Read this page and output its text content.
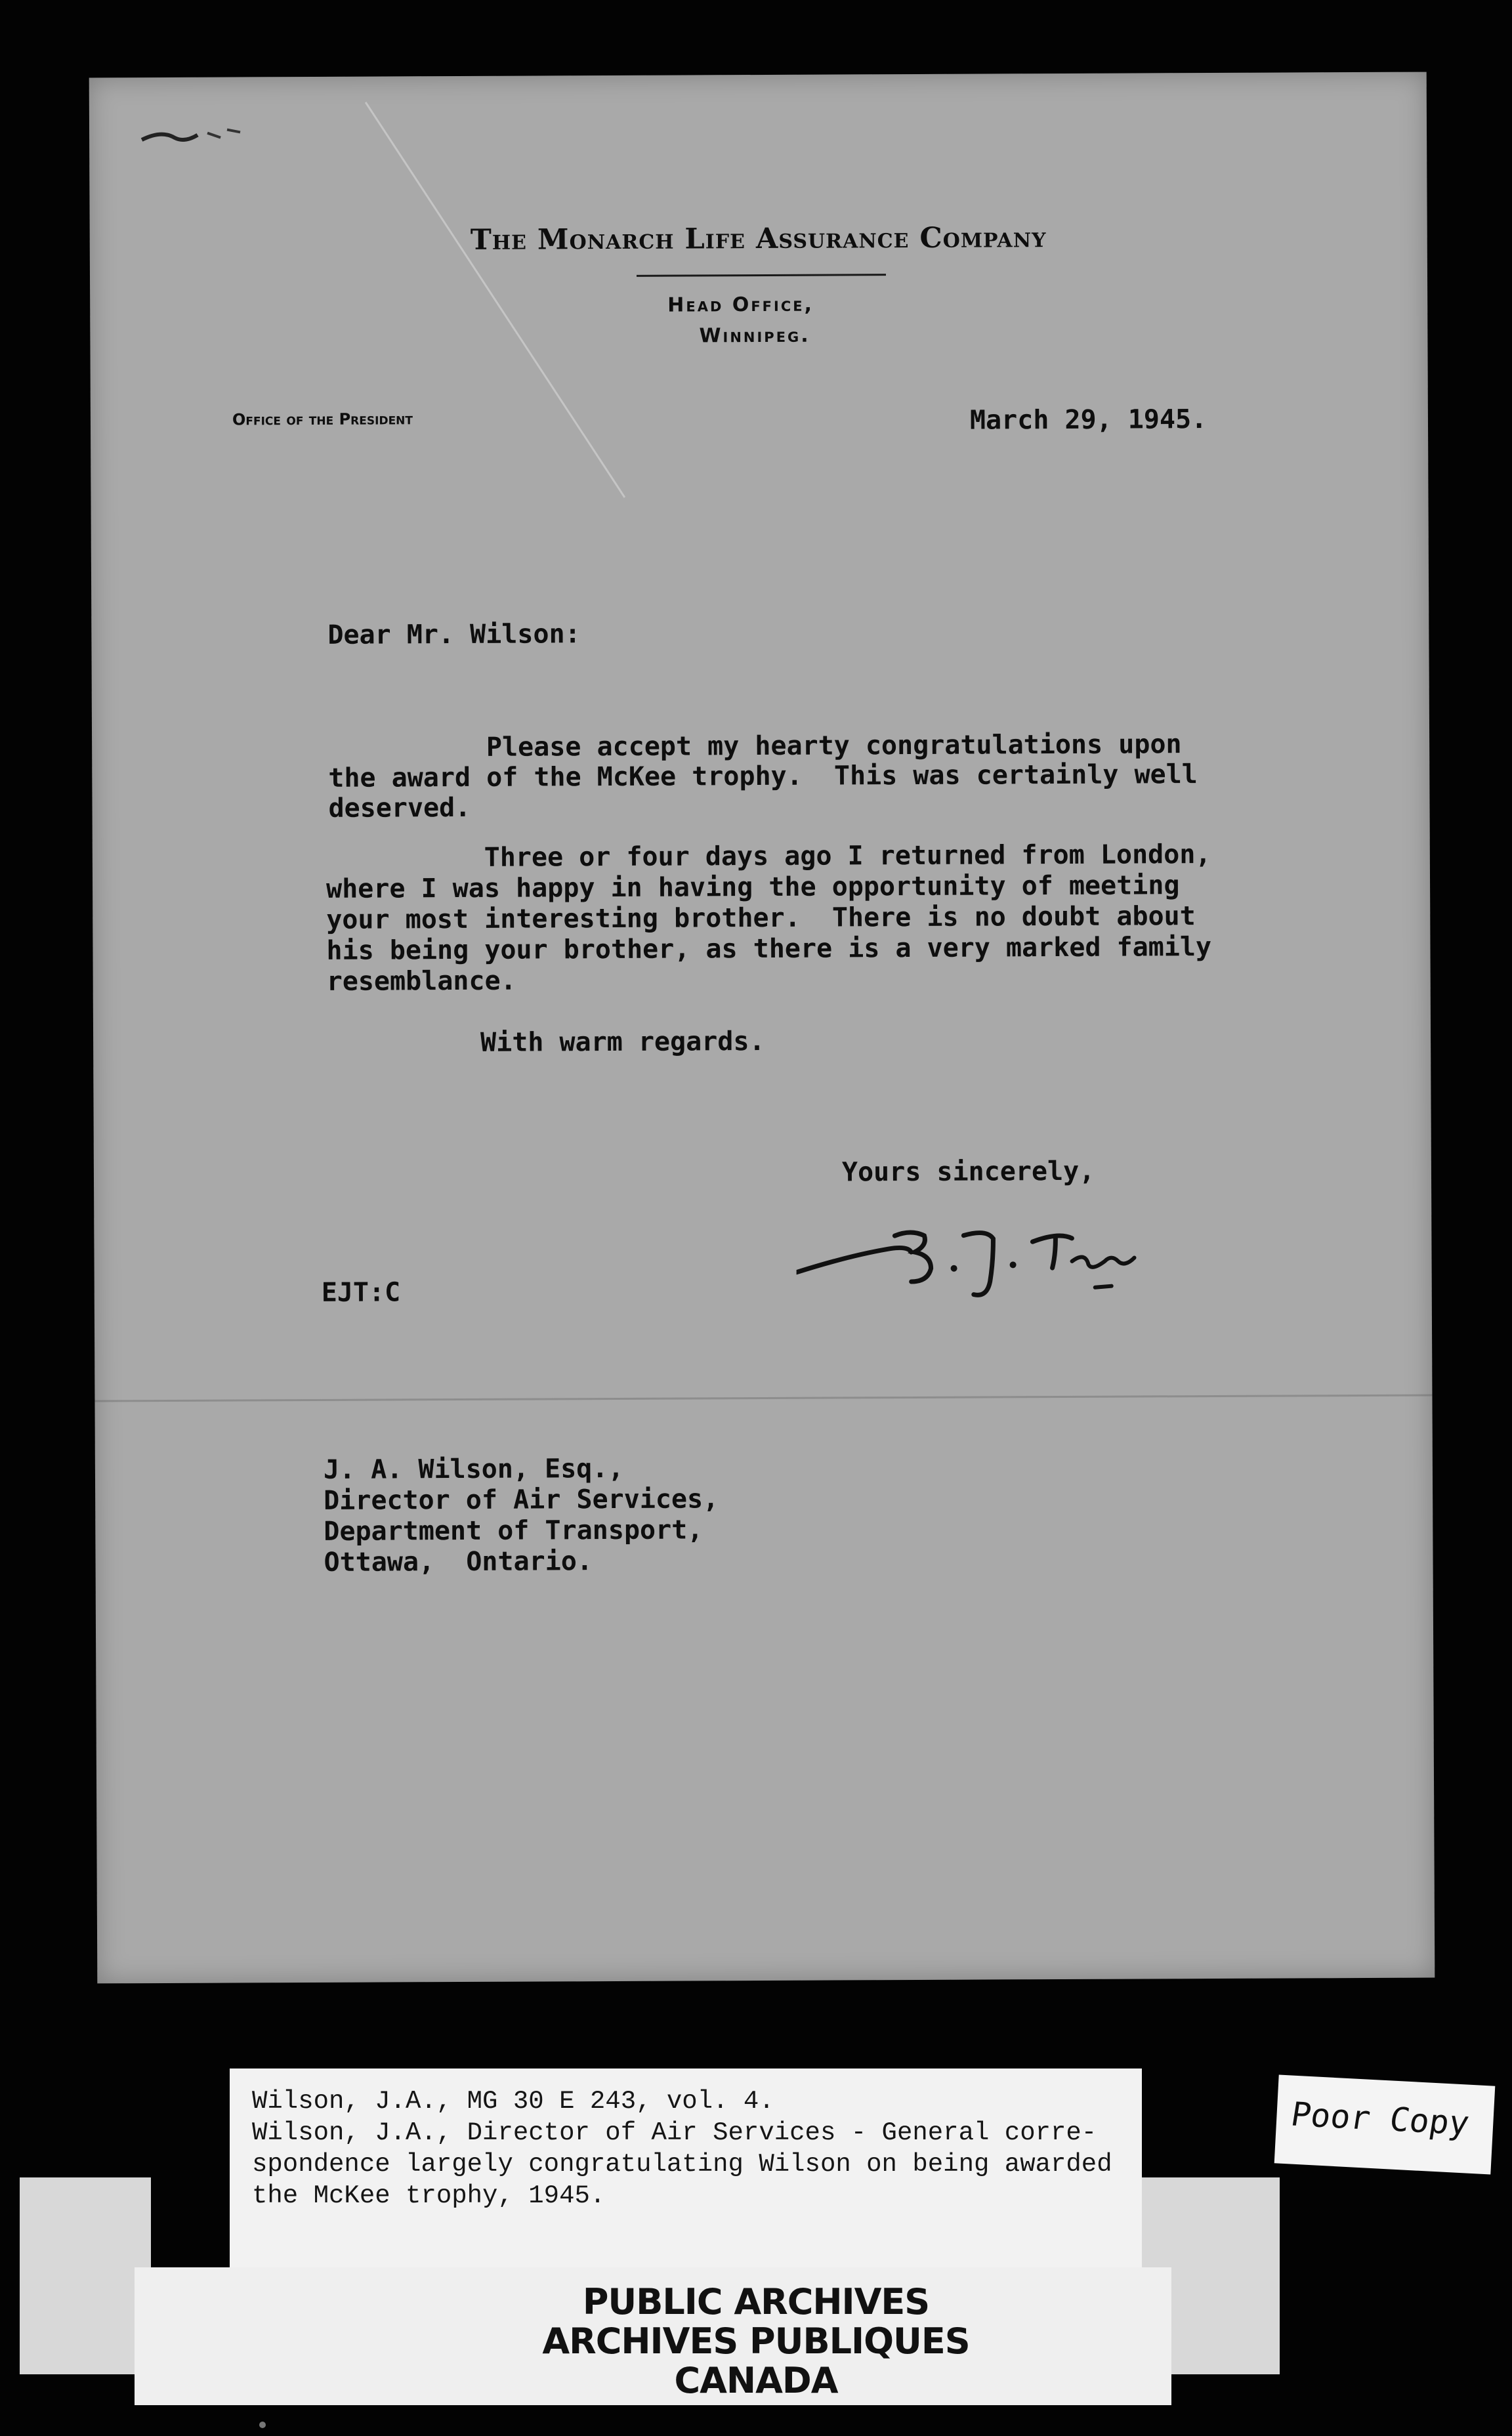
The Monarch Life Assurance Company
Head Office,
Winnipeg.
Office of the President	March 29, 1945.
Dear Mr. Wilson:

Please accept my hearty congratulations upon

the award of the McKee trophy.  This was certainly well

deserved.

Three or four days ago I returned from London,

where I was happy in having the opportunity of meeting

your most interesting brother.  There is no doubt about

his being your brother, as there is a very marked family

resemblance.

With warm regards.
Yours sincerely,
EJT:C
J. A. Wilson, Esq.,
Director of Air Services,
Department of Transport,
Ottawa,  Ontario.
Wilson, J.A., MG 30 E 243, vol. 4.
Wilson, J.A., Director of Air Services - General corre-
spondence largely congratulating Wilson on being awarded
the McKee trophy, 1945.
PUBLIC ARCHIVES
ARCHIVES PUBLIQUES
CANADA
Poor Copy
